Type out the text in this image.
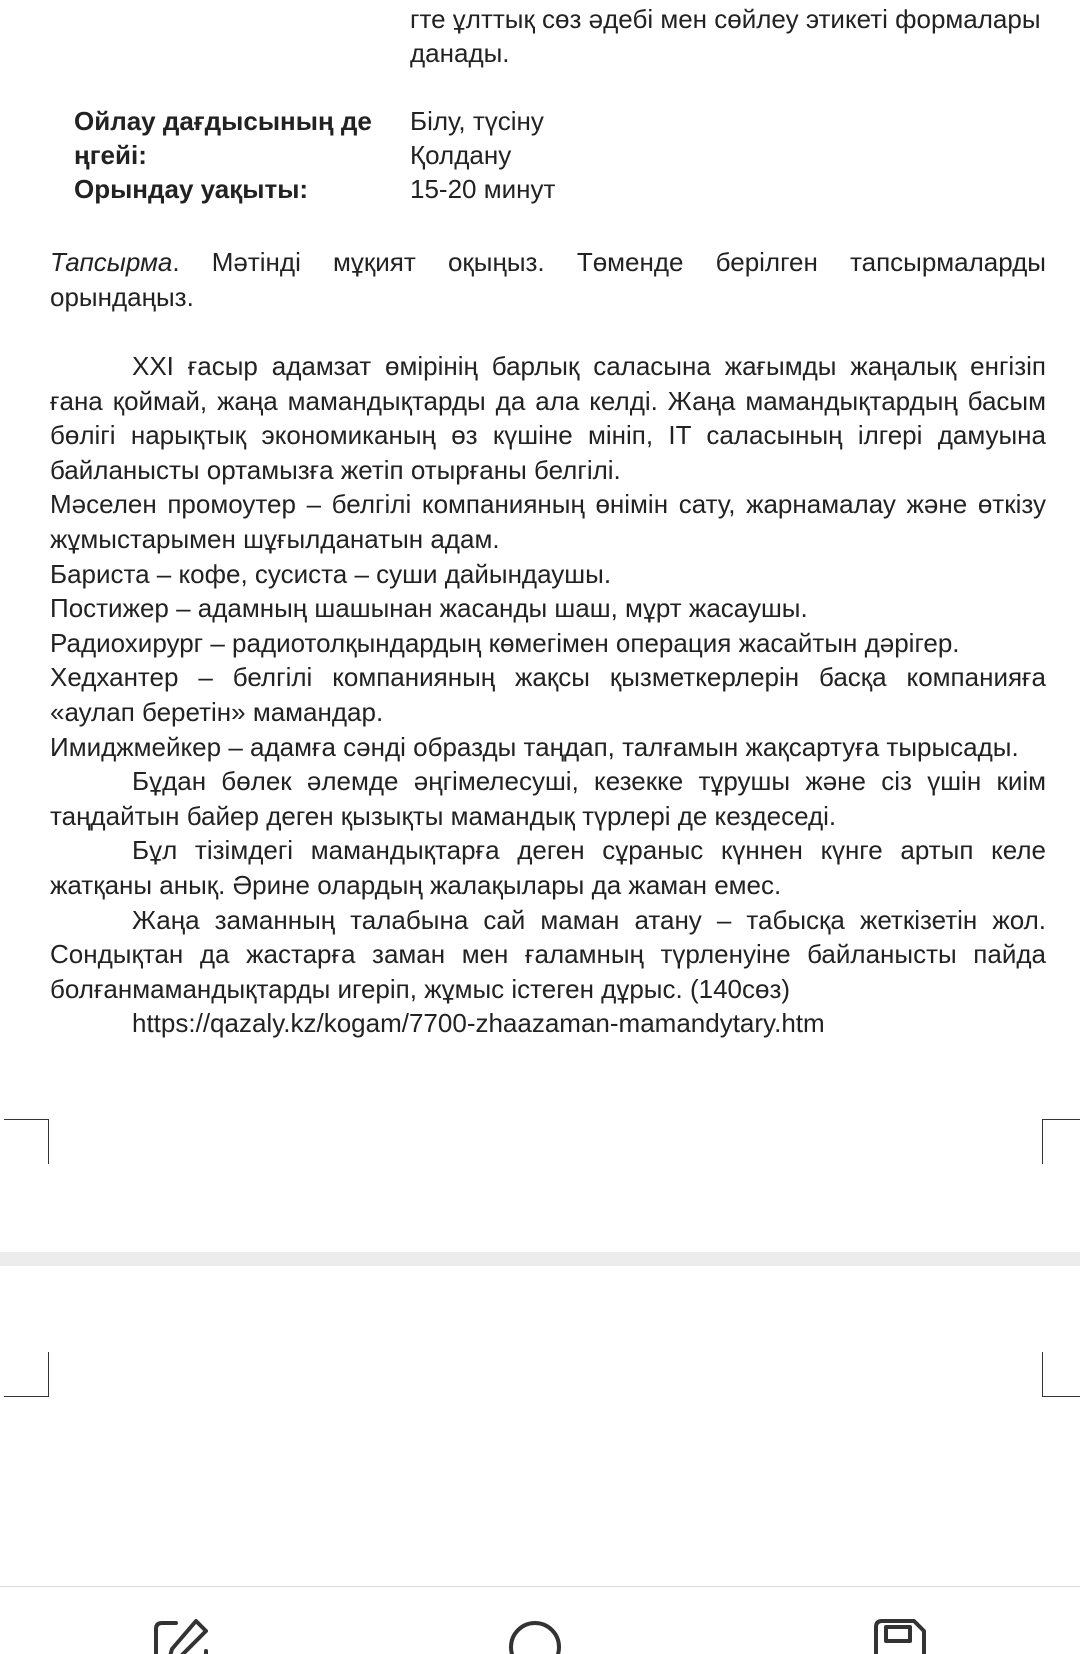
гте ұлттық сөз әдебі мен сөйлеу этикеті формалары
данады.
Ойлау дағдысының де
ңгейі:
Білу, түсіну
Қолдану
Орындау уақыты:	15-20 минут

Тапсырма. Мәтінді мұқият оқыңыз. Төменде берілген тапсырмаларды орындаңыз.

XXI ғасыр адамзат өмірінің барлық саласына жағымды жаңалық енгізіп ғана қоймай, жаңа мамандықтарды да ала келді. Жаңа мамандықтардың басым бөлігі нарықтық экономиканың өз күшіне мініп, IT саласының ілгері дамуына байланысты ортамызға жетіп отырғаны белгілі.

Мәселен промоутер – белгілі компанияның өнімін сату, жарнамалау және өткізу жұмыстарымен шұғылданатын адам.

Бариста – кофе, сусиста – суши дайындаушы.

Постижер – адамның шашынан жасанды шаш, мұрт жасаушы.

Радиохирург – радиотолқындардың көмегімен операция жасайтын дәрігер.

Хедхантер – белгілі компанияның жақсы қызметкерлерін басқа компанияға «аулап беретін» мамандар.

Имиджмейкер – адамға сәнді образды таңдап, талғамын жақсартуға тырысады.

Бұдан бөлек әлемде әңгімелесуші, кезекке тұрушы және сіз үшін киім таңдайтын байер деген қызықты мамандық түрлері де кездеседі.

Бұл тізімдегі мамандықтарға деген сұраныс күннен күнге артып келе жатқаны анық. Әрине олардың жалақылары да жаман емес.

Жаңа заманның талабына сай маман атану – табысқа жеткізетін жол. Сондықтан да жастарға заман мен ғаламның түрленуіне байланысты пайда болғанмамандықтарды игеріп, жұмыс істеген дұрыс. (140сөз)

https://qazaly.kz/kogam/7700-zhaazaman-mamandytary.htm
